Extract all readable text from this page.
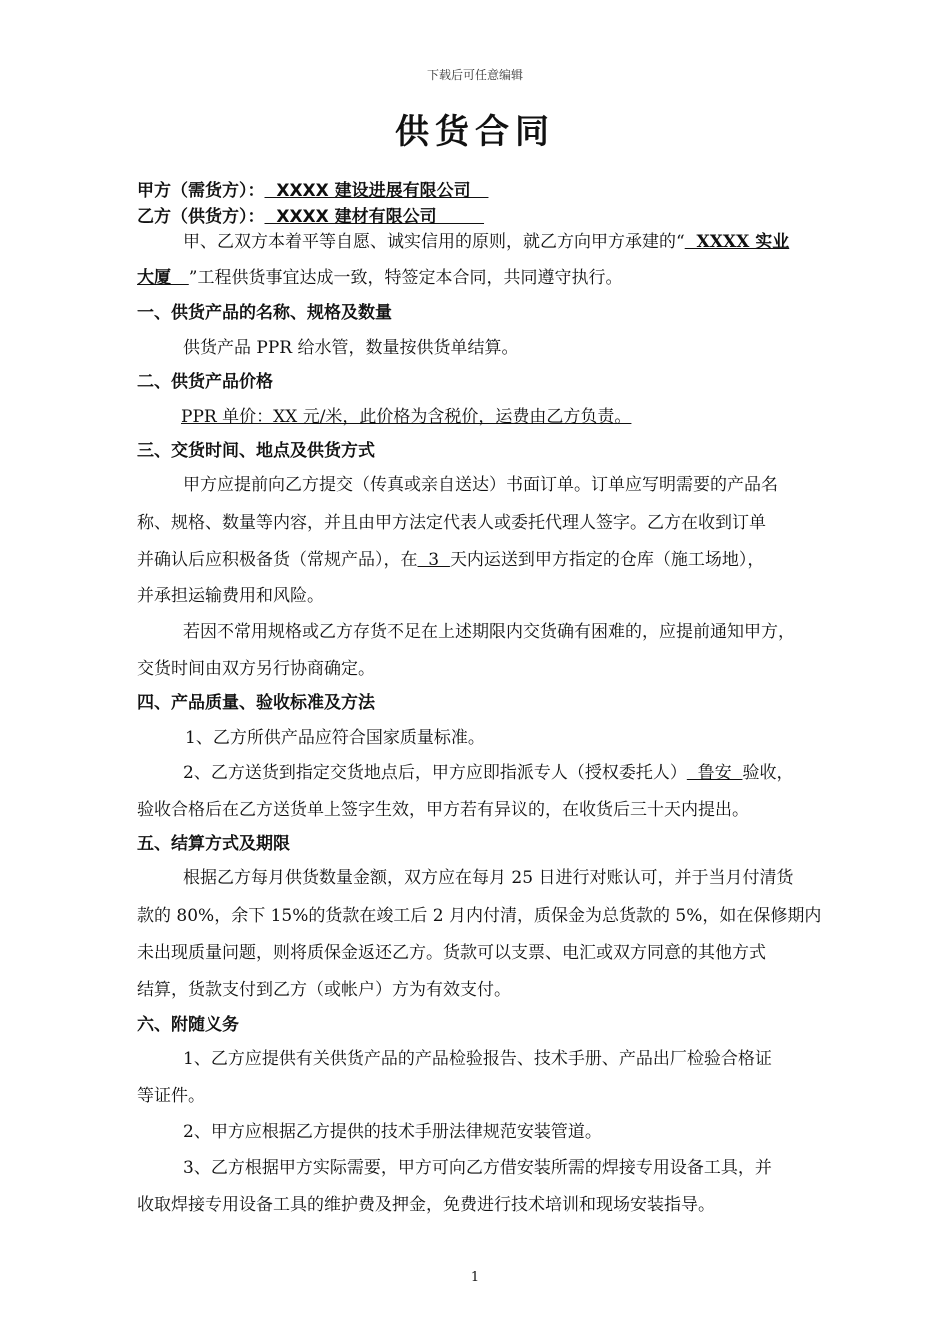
下载后可任意编辑
供货合同
甲方（需货方）：  XXXX 建设进展有限公司
乙方（供货方）：  XXXX 建材有限公司
甲、乙双方本着平等自愿、诚实信用的原则，就乙方向甲方承建的“  XXXX 实业
大厦   ”工程供货事宜达成一致，特签定本合同，共同遵守执行。
一、供货产品的名称、规格及数量
供货产品 PPR 给水管，数量按供货单结算。
二、供货产品价格
PPR 单价：XX 元/米，此价格为含税价，运费由乙方负责。
三、交货时间、地点及供货方式
甲方应提前向乙方提交（传真或亲自送达）书面订单。订单应写明需要的产品名
称、规格、数量等内容，并且由甲方法定代表人或委托代理人签字。乙方在收到订单
并确认后应积极备货（常规产品），在  3  天内运送到甲方指定的仓库（施工场地），
并承担运输费用和风险。
若因不常用规格或乙方存货不足在上述期限内交货确有困难的，应提前通知甲方，
交货时间由双方另行协商确定。
四、产品质量、验收标准及方法
1、乙方所供产品应符合国家质量标准。
2、乙方送货到指定交货地点后，甲方应即指派专人（授权委托人）  鲁安  验收，
验收合格后在乙方送货单上签字生效，甲方若有异议的，在收货后三十天内提出。
五、结算方式及期限
根据乙方每月供货数量金额，双方应在每月 25 日进行对账认可，并于当月付清货
款的 80%，余下 15%的货款在竣工后 2 月内付清，质保金为总货款的 5%，如在保修期内
未出现质量问题，则将质保金返还乙方。货款可以支票、电汇或双方同意的其他方式
结算，货款支付到乙方（或帐户）方为有效支付。
六、附随义务
1、乙方应提供有关供货产品的产品检验报告、技术手册、产品出厂检验合格证
等证件。
2、甲方应根据乙方提供的技术手册法律规范安装管道。
3、乙方根据甲方实际需要，甲方可向乙方借安装所需的焊接专用设备工具，并
收取焊接专用设备工具的维护费及押金，免费进行技术培训和现场安装指导。
1
